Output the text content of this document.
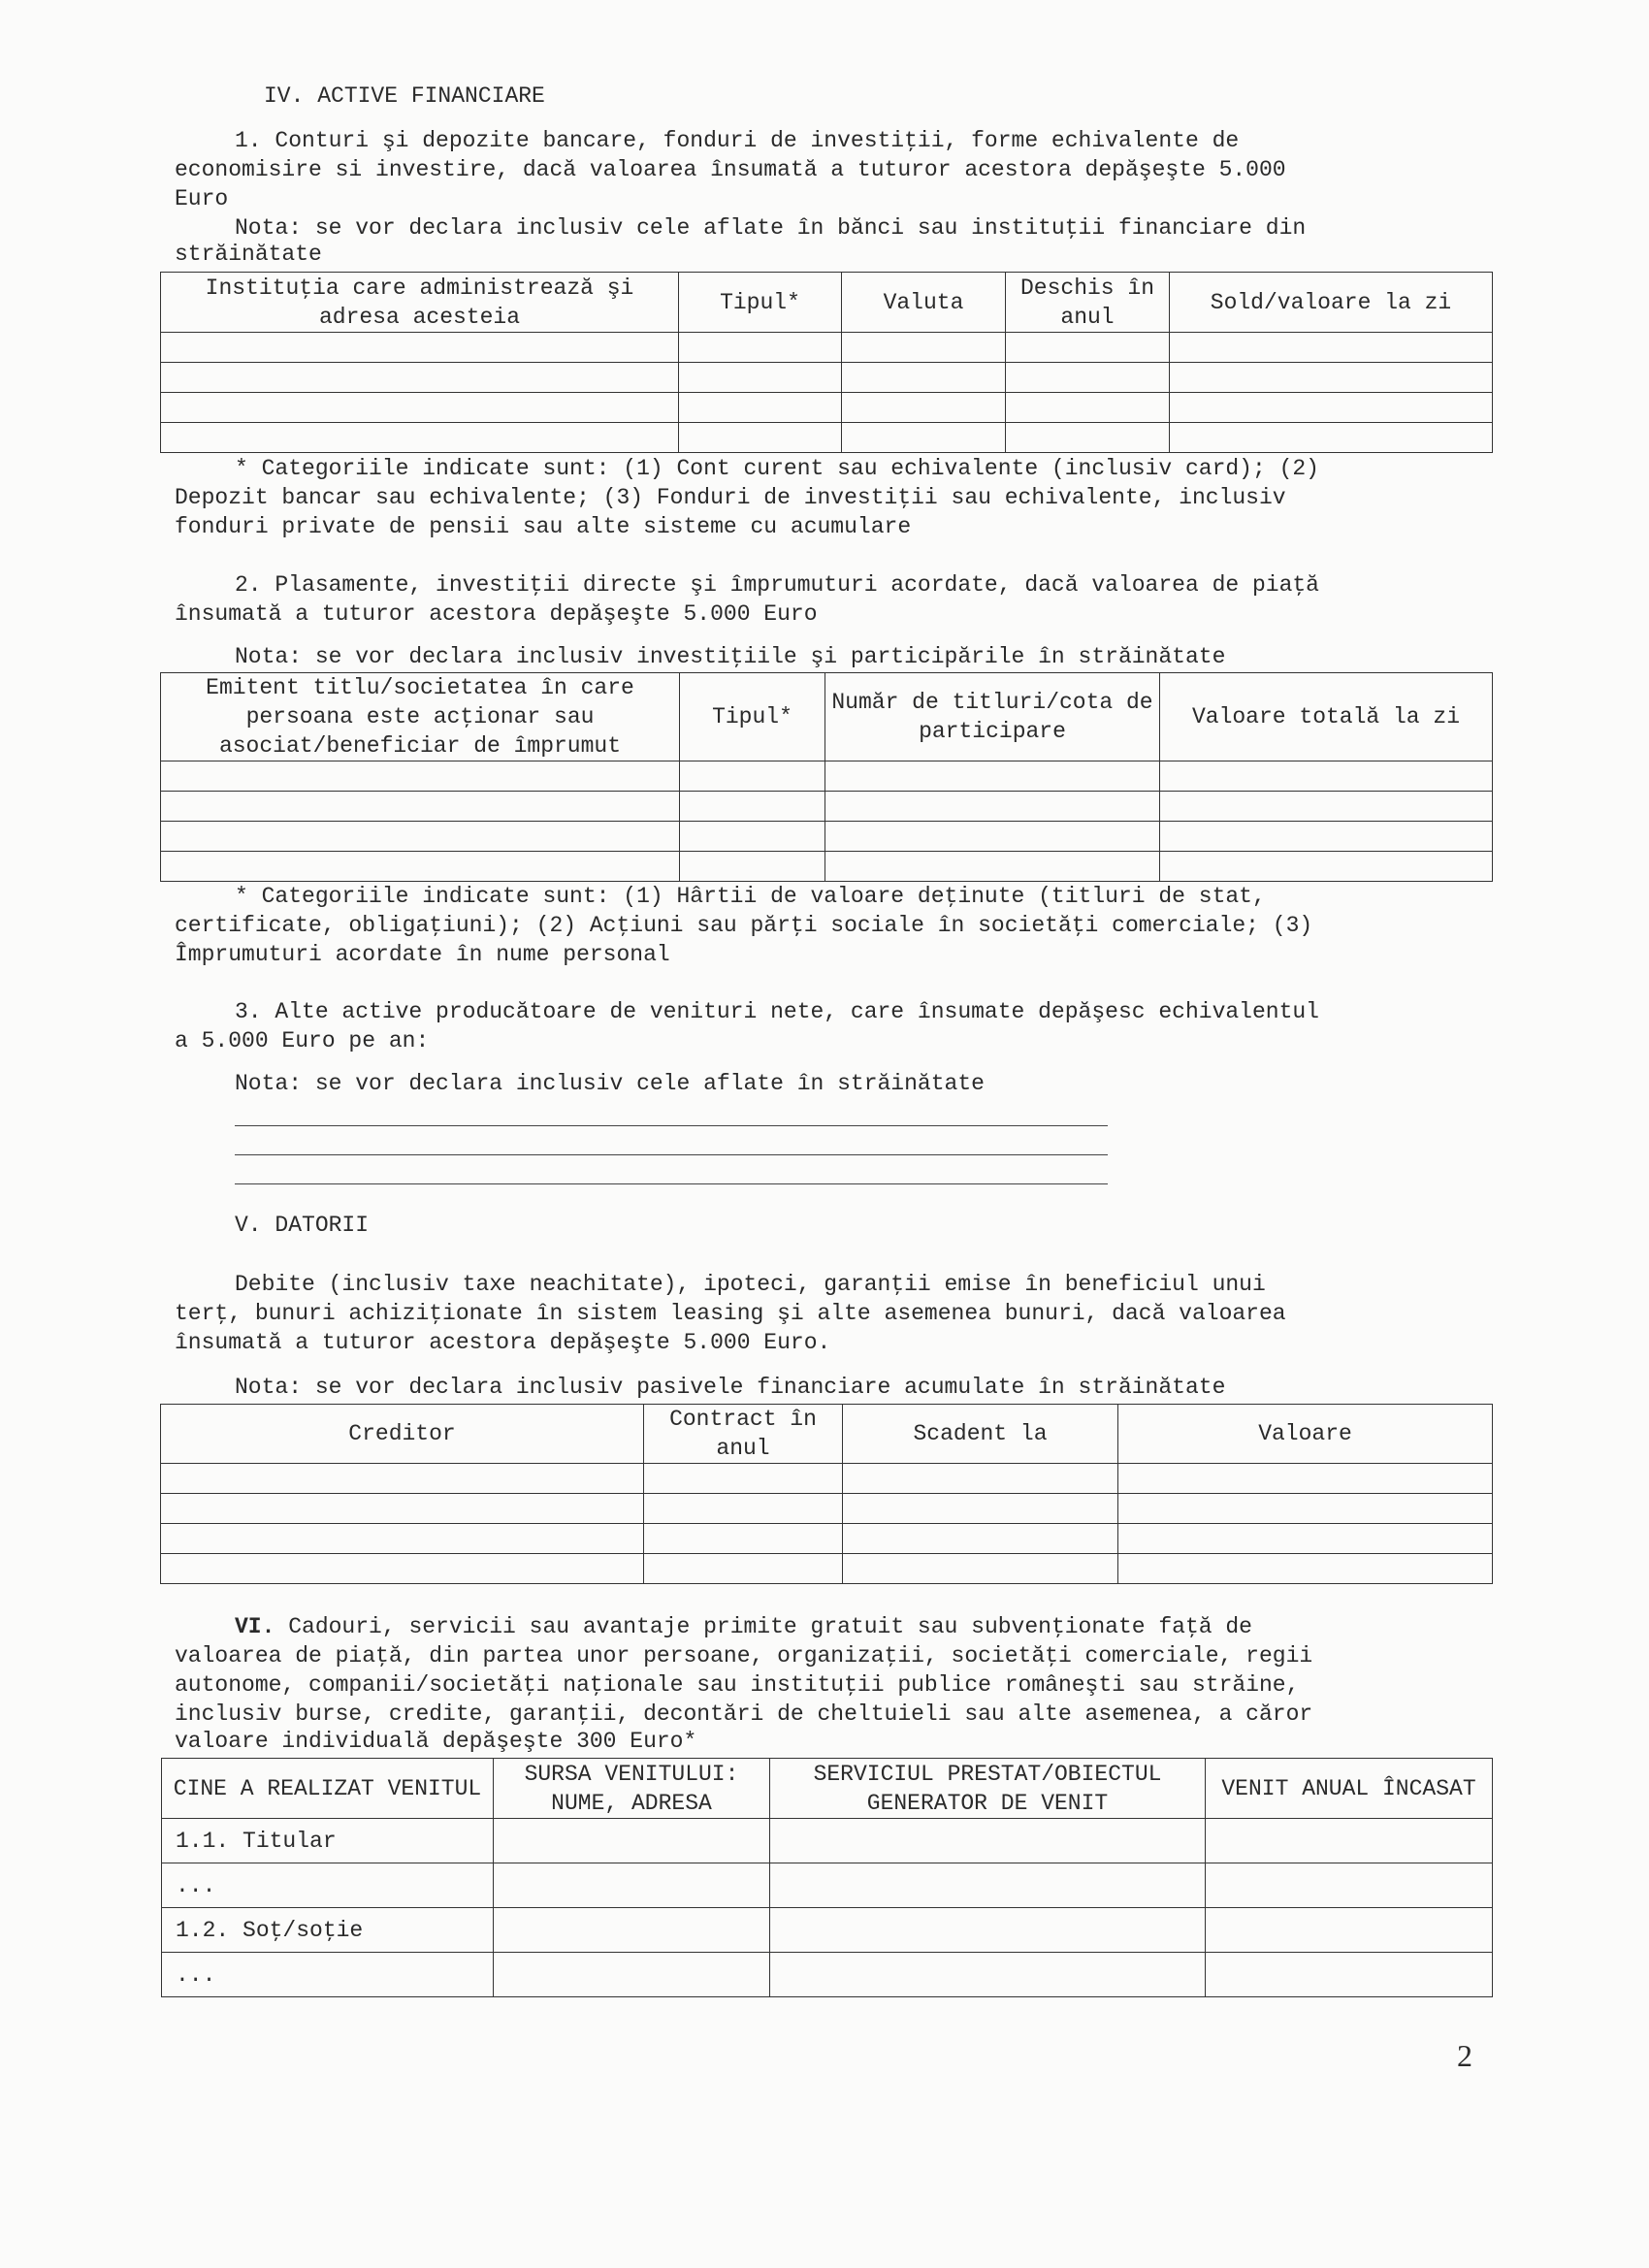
IV. ACTIVE FINANCIARE
1. Conturi şi depozite bancare, fonduri de investiţii, forme echivalente de
economisire si investire, dacă valoarea însumată a tuturor acestora depăşeşte 5.000
Euro
Nota: se vor declara inclusiv cele aflate în bănci sau instituţii financiare din
străinătate
Instituţia care administrează şi adresa acesteia	Tipul*	Valuta	Deschis în anul	Sold/valoare la zi

* Categoriile indicate sunt: (1) Cont curent sau echivalente (inclusiv card); (2)
Depozit bancar sau echivalente; (3) Fonduri de investiţii sau echivalente, inclusiv
fonduri private de pensii sau alte sisteme cu acumulare
2. Plasamente, investiţii directe şi împrumuturi acordate, dacă valoarea de piaţă
însumată a tuturor acestora depăşeşte 5.000 Euro
Nota: se vor declara inclusiv investiţiile şi participările în străinătate
Emitent titlu/societatea în care persoana este acţionar sau asociat/beneficiar de împrumut	Tipul*	Număr de titluri/cota de participare	Valoare totală la zi

* Categoriile indicate sunt: (1) Hârtii de valoare deţinute (titluri de stat,
certificate, obligaţiuni); (2) Acţiuni sau părţi sociale în societăţi comerciale; (3)
Împrumuturi acordate în nume personal
3. Alte active producătoare de venituri nete, care însumate depăşesc echivalentul
a 5.000 Euro pe an:
Nota: se vor declara inclusiv cele aflate în străinătate
V. DATORII
Debite (inclusiv taxe neachitate), ipoteci, garanţii emise în beneficiul unui
terţ, bunuri achiziţionate în sistem leasing şi alte asemenea bunuri, dacă valoarea
însumată a tuturor acestora depăşeşte 5.000 Euro.
Nota: se vor declara inclusiv pasivele financiare acumulate în străinătate
Creditor	Contract în anul	Scadent la	Valoare

VI. Cadouri, servicii sau avantaje primite gratuit sau subvenţionate faţă de
valoarea de piaţă, din partea unor persoane, organizaţii, societăţi comerciale, regii
autonome, companii/societăţi naţionale sau instituţii publice româneşti sau străine,
inclusiv burse, credite, garanţii, decontări de cheltuieli sau alte asemenea, a căror
valoare individuală depăşeşte 300 Euro*
CINE A REALIZAT VENITUL	SURSA VENITULUI: NUME, ADRESA	SERVICIUL PRESTAT/OBIECTUL GENERATOR DE VENIT	VENIT ANUAL ÎNCASAT
1.1. Titular			
...			
1.2. Soţ/soţie			
...			
2
